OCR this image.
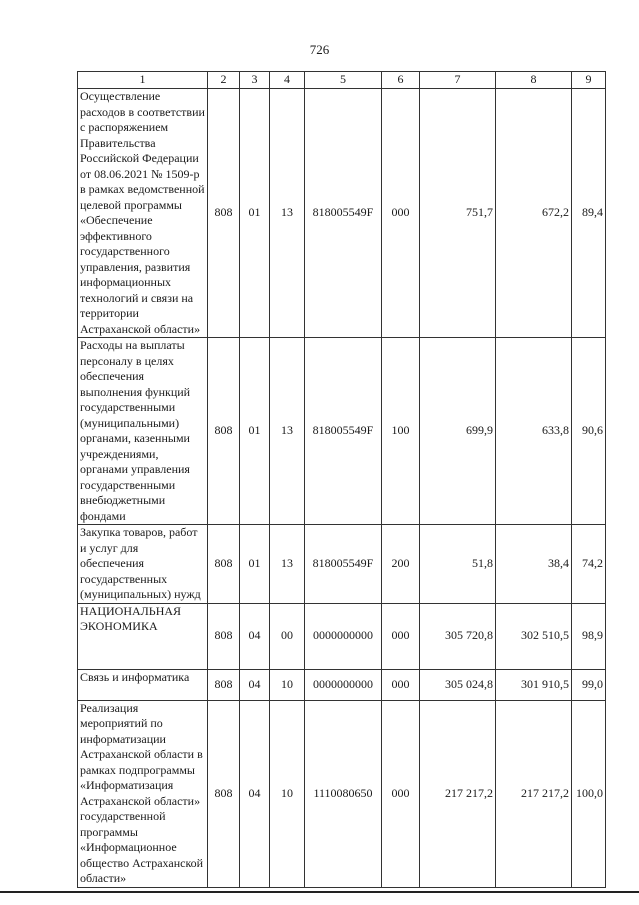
726
1	2	3	4	5	6	7	8	9
Осуществление расходов в соответствии с распоряжением Правительства Российской Федерации от 08.06.2021 № 1509-р в рамках ведомственной целевой программы «Обеспечение эффективного государственного управления, развития информационных технологий и связи на территории Астраханской области»	808	01	13	818005549F	000	751,7	672,2	89,4
Расходы на выплаты персоналу в целях обеспечения выполнения функций государственными (муниципальными) органами, казенными учреждениями, органами управления государственными внебюджетными фондами	808	01	13	818005549F	100	699,9	633,8	90,6
Закупка товаров, работ и услуг для обеспечения государственных (муниципальных) нужд	808	01	13	818005549F	200	51,8	38,4	74,2
НАЦИОНАЛЬНАЯ ЭКОНОМИКА	808	04	00	0000000000	000	305 720,8	302 510,5	98,9
Связь и информатика	808	04	10	0000000000	000	305 024,8	301 910,5	99,0
Реализация мероприятий по информатизации Астраханской области в рамках подпрограммы «Информатизация Астраханской области» государственной программы «Информационное общество Астраханской области»	808	04	10	1110080650	000	217 217,2	217 217,2	100,0
